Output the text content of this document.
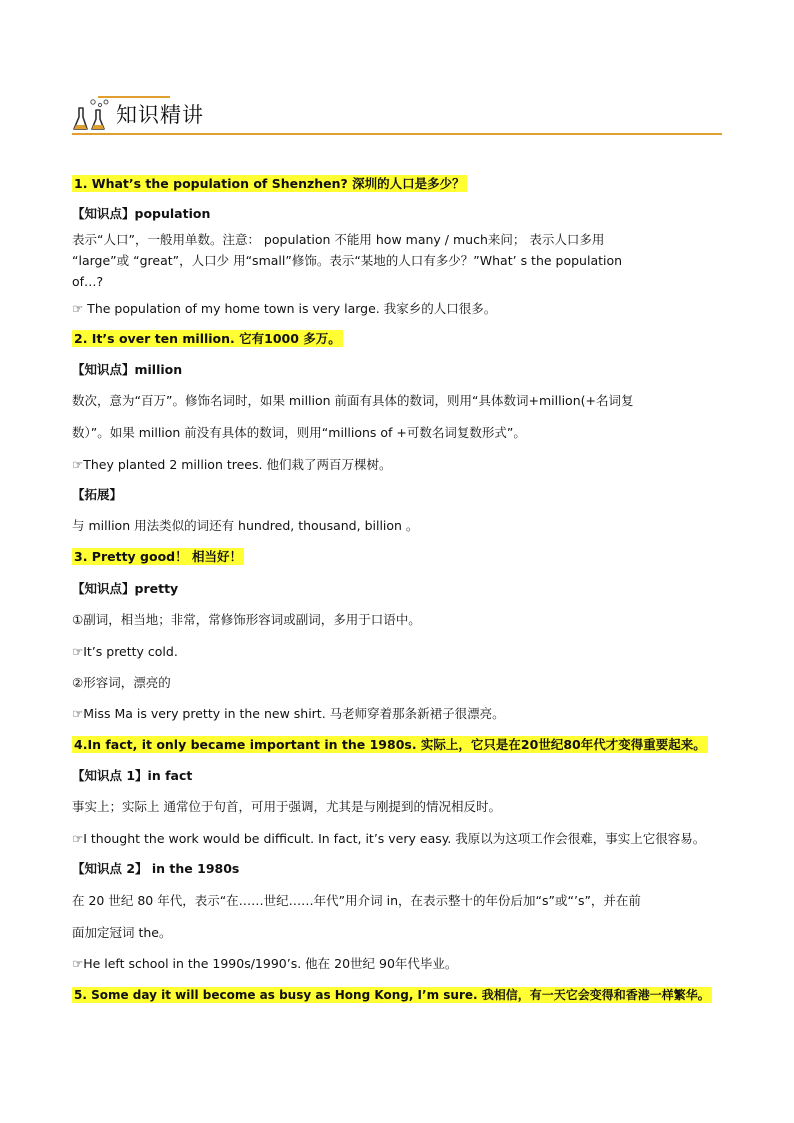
知识精讲
1. What’s the population of Shenzhen? 深圳的人口是多少？
【知识点】population
表示“人口”，一般用单数。注意： population 不能用 how many / much来问； 表示人口多用
“large”或 “great”，人口少 用“small”修饰。表示“某地的人口有多少？”What’ s the population
of…?
☞ The population of my home town is very large. 我家乡的人口很多。
2. It’s over ten million. 它有1000 多万。
【知识点】million
数次，意为“百万”。修饰名词时，如果 million 前面有具体的数词，则用“具体数词+million(+名词复
数）”。如果 million 前没有具体的数词，则用“millions of +可数名词复数形式”。
☞They planted 2 million trees. 他们栽了两百万棵树。
【拓展】
与 million 用法类似的词还有 hundred, thousand, billion 。
3. Pretty good！ 相当好！
【知识点】pretty
①副词，相当地；非常，常修饰形容词或副词，多用于口语中。
☞It’s pretty cold.
②形容词，漂亮的
☞Miss Ma is very pretty in the new shirt. 马老师穿着那条新裙子很漂亮。
4.In fact, it only became important in the 1980s. 实际上，它只是在20世纪80年代才变得重要起来。
【知识点 1】in fact
事实上；实际上 通常位于句首，可用于强调，尤其是与刚提到的情况相反时。
☞I thought the work would be difficult. In fact, it’s very easy. 我原以为这项工作会很难，事实上它很容易。
【知识点 2】 in the 1980s
在 20 世纪 80 年代，表示“在……世纪……年代”用介词 in，在表示整十的年份后加“s”或“’s”，并在前
面加定冠词 the。
☞He left school in the 1990s/1990’s. 他在 20世纪 90年代毕业。
5. Some day it will become as busy as Hong Kong, I’m sure. 我相信，有一天它会变得和香港一样繁华。
